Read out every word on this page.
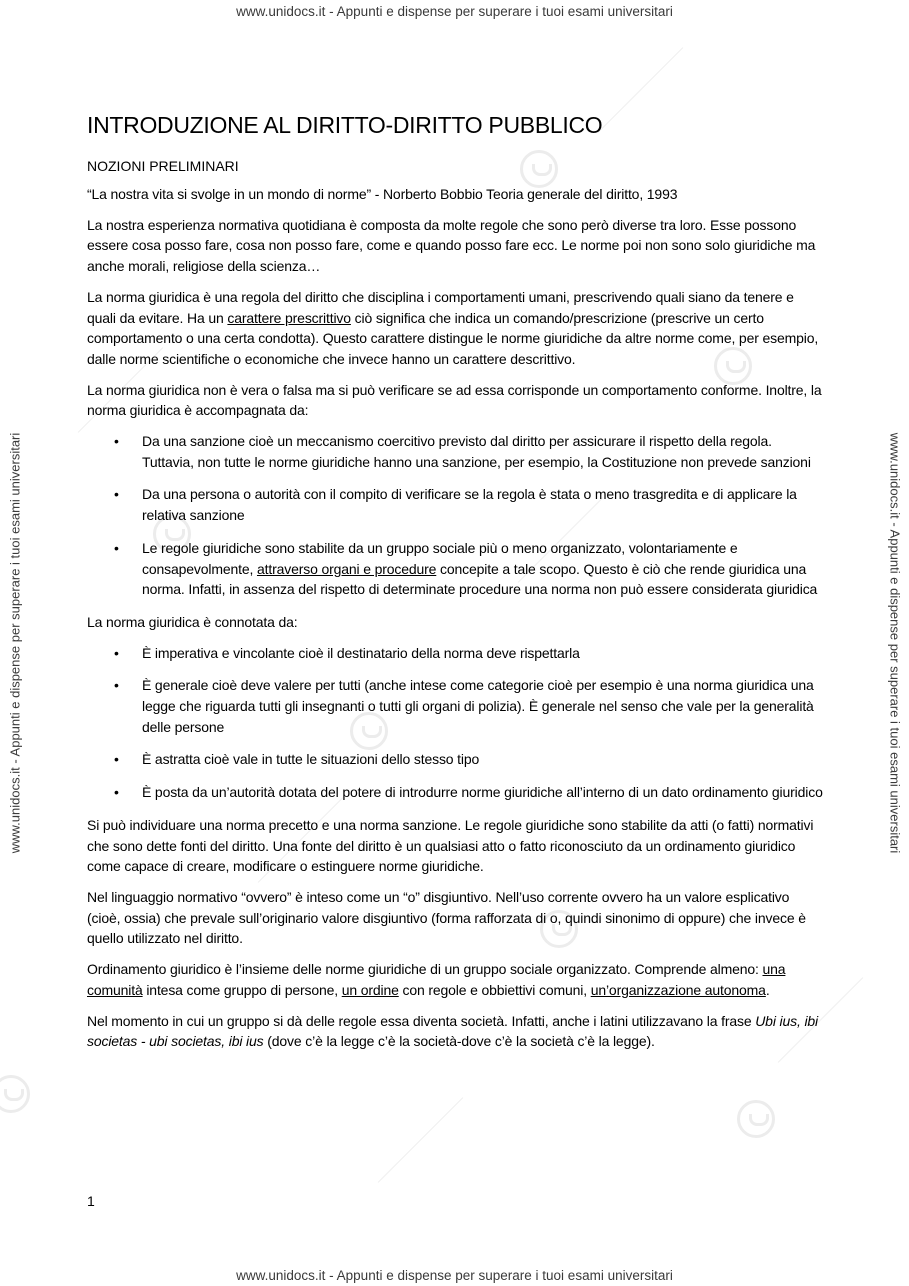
www.unidocs.it - Appunti e dispense per superare i tuoi esami universitari
www.unidocs.it - Appunti e dispense per superare i tuoi esami universitari
www.unidocs.it - Appunti e dispense per superare i tuoi esami universitari	www.unidocs.it - Appunti e dispense per superare i tuoi esami universitari
INTRODUZIONE AL DIRITTO-DIRITTO PUBBLICO
NOZIONI PRELIMINARI

“La nostra vita si svolge in un mondo di norme” - Norberto Bobbio Teoria generale del diritto, 1993

La nostra esperienza normativa quotidiana è composta da molte regole che sono però diverse tra loro. Esse possono essere cosa posso fare, cosa non posso fare, come e quando posso fare ecc. Le norme poi non sono solo giuridiche ma anche morali, religiose della scienza…

La norma giuridica è una regola del diritto che disciplina i comportamenti umani, prescrivendo quali siano da tenere e quali da evitare. Ha un carattere prescrittivo ciò significa che indica un comando/prescrizione (prescrive un certo comportamento o una certa condotta). Questo carattere distingue le norme giuridiche da altre norme come, per esempio, dalle norme scientifiche o economiche che invece hanno un carattere descrittivo.

La norma giuridica non è vera o falsa ma si può verificare se ad essa corrisponde un comportamento conforme. Inoltre, la norma giuridica è accompagnata da:

• Da una sanzione cioè un meccanismo coercitivo previsto dal diritto per assicurare il rispetto della regola. Tuttavia, non tutte le norme giuridiche hanno una sanzione, per esempio, la Costituzione non prevede sanzioni
• Da una persona o autorità con il compito di verificare se la regola è stata o meno trasgredita e di applicare la relativa sanzione
• Le regole giuridiche sono stabilite da un gruppo sociale più o meno organizzato, volontariamente e consapevolmente, attraverso organi e procedure concepite a tale scopo. Questo è ciò che rende giuridica una norma. Infatti, in assenza del rispetto di determinate procedure una norma non può essere considerata giuridica

La norma giuridica è connotata da:

• È imperativa e vincolante cioè il destinatario della norma deve rispettarla
• È generale cioè deve valere per tutti (anche intese come categorie cioè per esempio è una norma giuridica una legge che riguarda tutti gli insegnanti o tutti gli organi di polizia). È generale nel senso che vale per la generalità delle persone
• È astratta cioè vale in tutte le situazioni dello stesso tipo
• È posta da un’autorità dotata del potere di introdurre norme giuridiche all’interno di un dato ordinamento giuridico

Si può individuare una norma precetto e una norma sanzione. Le regole giuridiche sono stabilite da atti (o fatti) normativi che sono dette fonti del diritto. Una fonte del diritto è un qualsiasi atto o fatto riconosciuto da un ordinamento giuridico come capace di creare, modificare o estinguere norme giuridiche.

Nel linguaggio normativo “ovvero” è inteso come un “o” disgiuntivo. Nell’uso corrente ovvero ha un valore esplicativo (cioè, ossia) che prevale sull’originario valore disgiuntivo (forma rafforzata di o, quindi sinonimo di oppure) che invece è quello utilizzato nel diritto.

Ordinamento giuridico è l’insieme delle norme giuridiche di un gruppo sociale organizzato. Comprende almeno: una comunità intesa come gruppo di persone, un ordine con regole e obbiettivi comuni, un’organizzazione autonoma.

Nel momento in cui un gruppo si dà delle regole essa diventa società. Infatti, anche i latini utilizzavano la frase Ubi ius, ibi societas - ubi societas, ibi ius (dove c’è la legge c’è la società-dove c’è la società c’è la legge).

1
